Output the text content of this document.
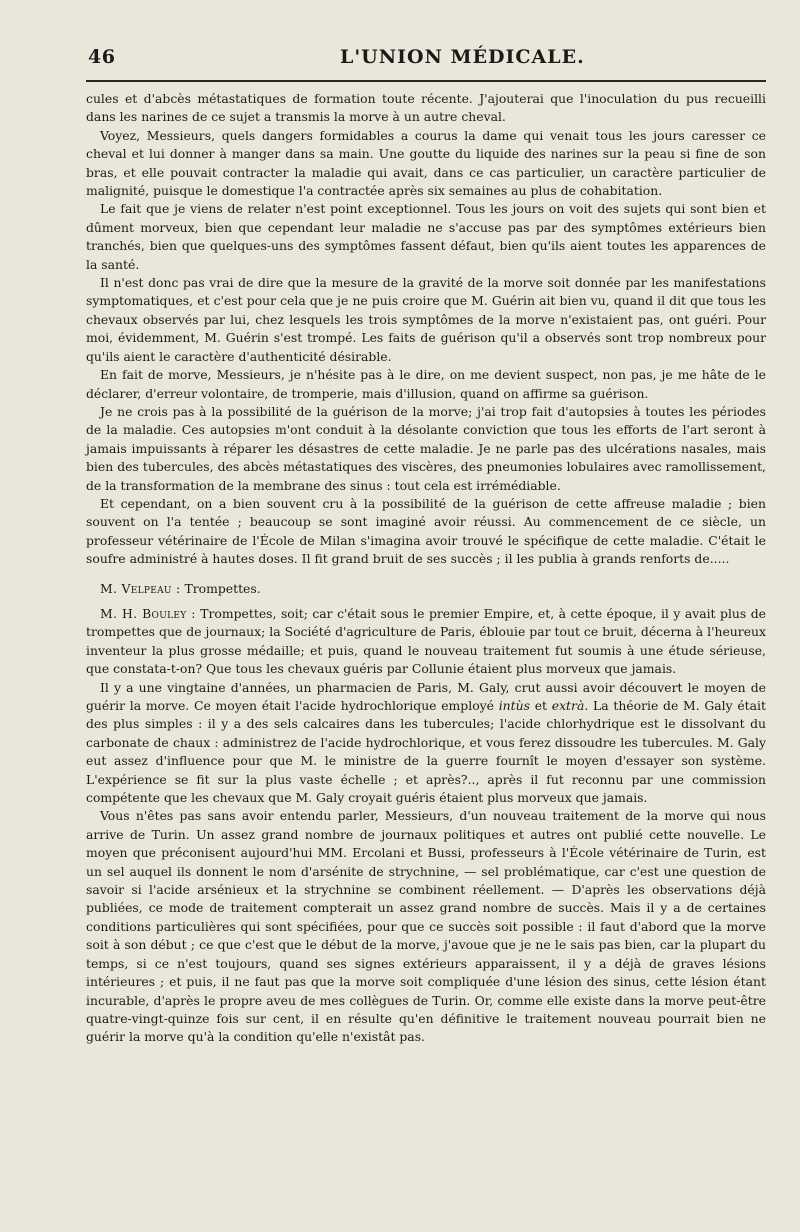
46	L'UNION MÉDICALE.

cules et d'abcès métastatiques de formation toute récente. J'ajouterai que l'inoculation du pus recueilli dans les narines de ce sujet a transmis la morve à un autre cheval.

Voyez, Messieurs, quels dangers formidables a courus la dame qui venait tous les jours caresser ce cheval et lui donner à manger dans sa main. Une goutte du liquide des narines sur la peau si fine de son bras, et elle pouvait contracter la maladie qui avait, dans ce cas particulier, un caractère particulier de malignité, puisque le domestique l'a contractée après six semaines au plus de cohabitation.

Le fait que je viens de relater n'est point exceptionnel. Tous les jours on voit des sujets qui sont bien et dûment morveux, bien que cependant leur maladie ne s'accuse pas par des symptômes extérieurs bien tranchés, bien que quelques-uns des symptômes fassent défaut, bien qu'ils aient toutes les apparences de la santé.

Il n'est donc pas vrai de dire que la mesure de la gravité de la morve soit donnée par les manifestations symptomatiques, et c'est pour cela que je ne puis croire que M. Guérin ait bien vu, quand il dit que tous les chevaux observés par lui, chez lesquels les trois symptômes de la morve n'existaient pas, ont guéri. Pour moi, évidemment, M. Guérin s'est trompé. Les faits de guérison qu'il a observés sont trop nombreux pour qu'ils aient le caractère d'authenticité désirable.

En fait de morve, Messieurs, je n'hésite pas à le dire, on me devient suspect, non pas, je me hâte de le déclarer, d'erreur volontaire, de tromperie, mais d'illusion, quand on affirme sa guérison.

Je ne crois pas à la possibilité de la guérison de la morve; j'ai trop fait d'autopsies à toutes les périodes de la maladie. Ces autopsies m'ont conduit à la désolante conviction que tous les efforts de l'art seront à jamais impuissants à réparer les désastres de cette maladie. Je ne parle pas des ulcérations nasales, mais bien des tubercules, des abcès métastatiques des viscères, des pneumonies lobulaires avec ramollissement, de la transformation de la membrane des sinus : tout cela est irrémédiable.

Et cependant, on a bien souvent cru à la possibilité de la guérison de cette affreuse maladie ; bien souvent on l'a tentée ; beaucoup se sont imaginé avoir réussi. Au commencement de ce siècle, un professeur vétérinaire de l'École de Milan s'imagina avoir trouvé le spécifique de cette maladie. C'était le soufre administré à hautes doses. Il fit grand bruit de ses succès ; il les publia à grands renforts de.....

M. Velpeau : Trompettes.

M. H. Bouley : Trompettes, soit; car c'était sous le premier Empire, et, à cette époque, il y avait plus de trompettes que de journaux; la Société d'agriculture de Paris, éblouie par tout ce bruit, décerna à l'heureux inventeur la plus grosse médaille; et puis, quand le nouveau traitement fut soumis à une étude sérieuse, que constata-t-on? Que tous les chevaux guéris par Collunie étaient plus morveux que jamais.

Il y a une vingtaine d'années, un pharmacien de Paris, M. Galy, crut aussi avoir découvert le moyen de guérir la morve. Ce moyen était l'acide hydrochlorique employé intùs et extrà. La théorie de M. Galy était des plus simples : il y a des sels calcaires dans les tubercules; l'acide chlorhydrique est le dissolvant du carbonate de chaux : administrez de l'acide hydrochlorique, et vous ferez dissoudre les tubercules. M. Galy eut assez d'influence pour que M. le ministre de la guerre fournît le moyen d'essayer son système. L'expérience se fit sur la plus vaste échelle ; et après?.., après il fut reconnu par une commission compétente que les chevaux que M. Galy croyait guéris étaient plus morveux que jamais.

Vous n'êtes pas sans avoir entendu parler, Messieurs, d'un nouveau traitement de la morve qui nous arrive de Turin. Un assez grand nombre de journaux politiques et autres ont publié cette nouvelle. Le moyen que préconisent aujourd'hui MM. Ercolani et Bussi, professeurs à l'École vétérinaire de Turin, est un sel auquel ils donnent le nom d'arsénite de strychnine, — sel problématique, car c'est une question de savoir si l'acide arsénieux et la strychnine se combinent réellement. — D'après les observations déjà publiées, ce mode de traitement compterait un assez grand nombre de succès. Mais il y a de certaines conditions particulières qui sont spécifiées, pour que ce succès soit possible : il faut d'abord que la morve soit à son début ; ce que c'est que le début de la morve, j'avoue que je ne le sais pas bien, car la plupart du temps, si ce n'est toujours, quand ses signes extérieurs apparaissent, il y a déjà de graves lésions intérieures ; et puis, il ne faut pas que la morve soit compliquée d'une lésion des sinus, cette lésion étant incurable, d'après le propre aveu de mes collègues de Turin. Or, comme elle existe dans la morve peut-être quatre-vingt-quinze fois sur cent, il en résulte qu'en définitive le traitement nouveau pourrait bien ne guérir la morve qu'à la condition qu'elle n'existât pas.
